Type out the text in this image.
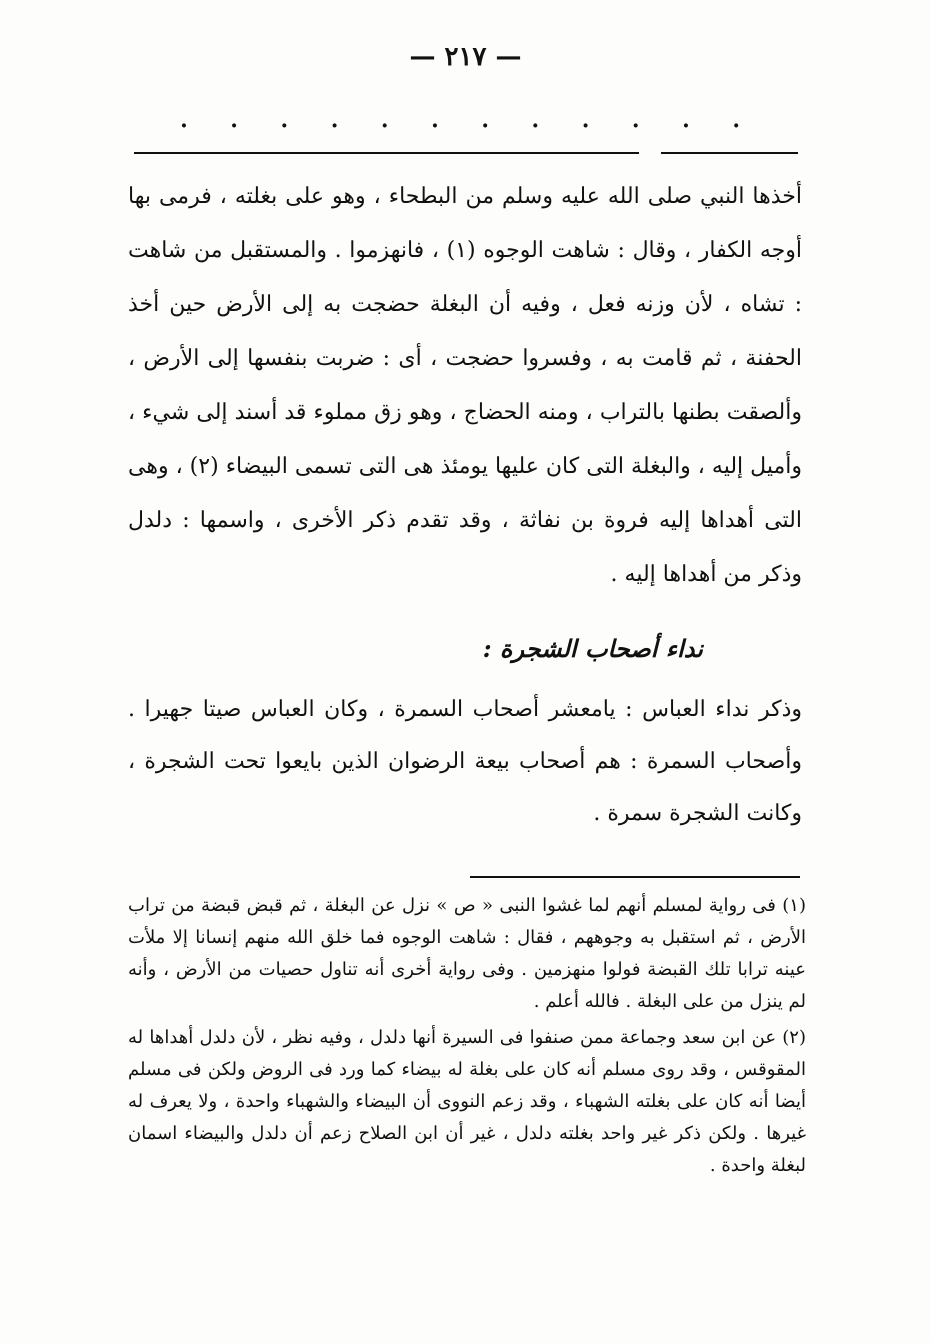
— ٢١٧ —
· · · · · · · · · · · ·

أخذها النبي صلى الله عليه وسلم من البطحاء ، وهو على بغلته ، فرمى بها أوجه الكفار ، وقال : شاهت الوجوه (١) ، فانهزموا . والمستقبل من شاهت : تشاه ، لأن وزنه فعل ، وفيه أن البغلة حضجت به إلى الأرض حين أخذ الحفنة ، ثم قامت به ، وفسروا حضجت ، أى : ضربت بنفسها إلى الأرض ، وألصقت بطنها بالتراب ، ومنه الحضاج ، وهو زق مملوء قد أسند إلى شيء ، وأميل إليه ، والبغلة التى كان عليها يومئذ هى التى تسمى البيضاء (٢) ، وهى التى أهداها إليه فروة بن نفاثة ، وقد تقدم ذكر الأخرى ، واسمها : دلدل وذكر من أهداها إليه .

نداء أصحاب الشجرة :

وذكر نداء العباس : يامعشر أصحاب السمرة ، وكان العباس صيتا جهيرا . وأصحاب السمرة : هم أصحاب بيعة الرضوان الذين بايعوا تحت الشجرة ، وكانت الشجرة سمرة .

(١) فى رواية لمسلم أنهم لما غشوا النبى « ص » نزل عن البغلة ، ثم قبض قبضة من تراب الأرض ، ثم استقبل به وجوههم ، فقال : شاهت الوجوه فما خلق الله منهم إنسانا إلا ملأت عينه ترابا تلك القبضة فولوا منهزمين . وفى رواية أخرى أنه تناول حصيات من الأرض ، وأنه لم ينزل من على البغلة . فالله أعلم .

(٢) عن ابن سعد وجماعة ممن صنفوا فى السيرة أنها دلدل ، وفيه نظر ، لأن دلدل أهداها له المقوقس ، وقد روى مسلم أنه كان على بغلة له بيضاء كما ورد فى الروض ولكن فى مسلم أيضا أنه كان على بغلته الشهباء ، وقد زعم النووى أن البيضاء والشهباء واحدة ، ولا يعرف له غيرها . ولكن ذكر غير واحد بغلته دلدل ، غير أن ابن الصلاح زعم أن دلدل والبيضاء اسمان لبغلة واحدة .
